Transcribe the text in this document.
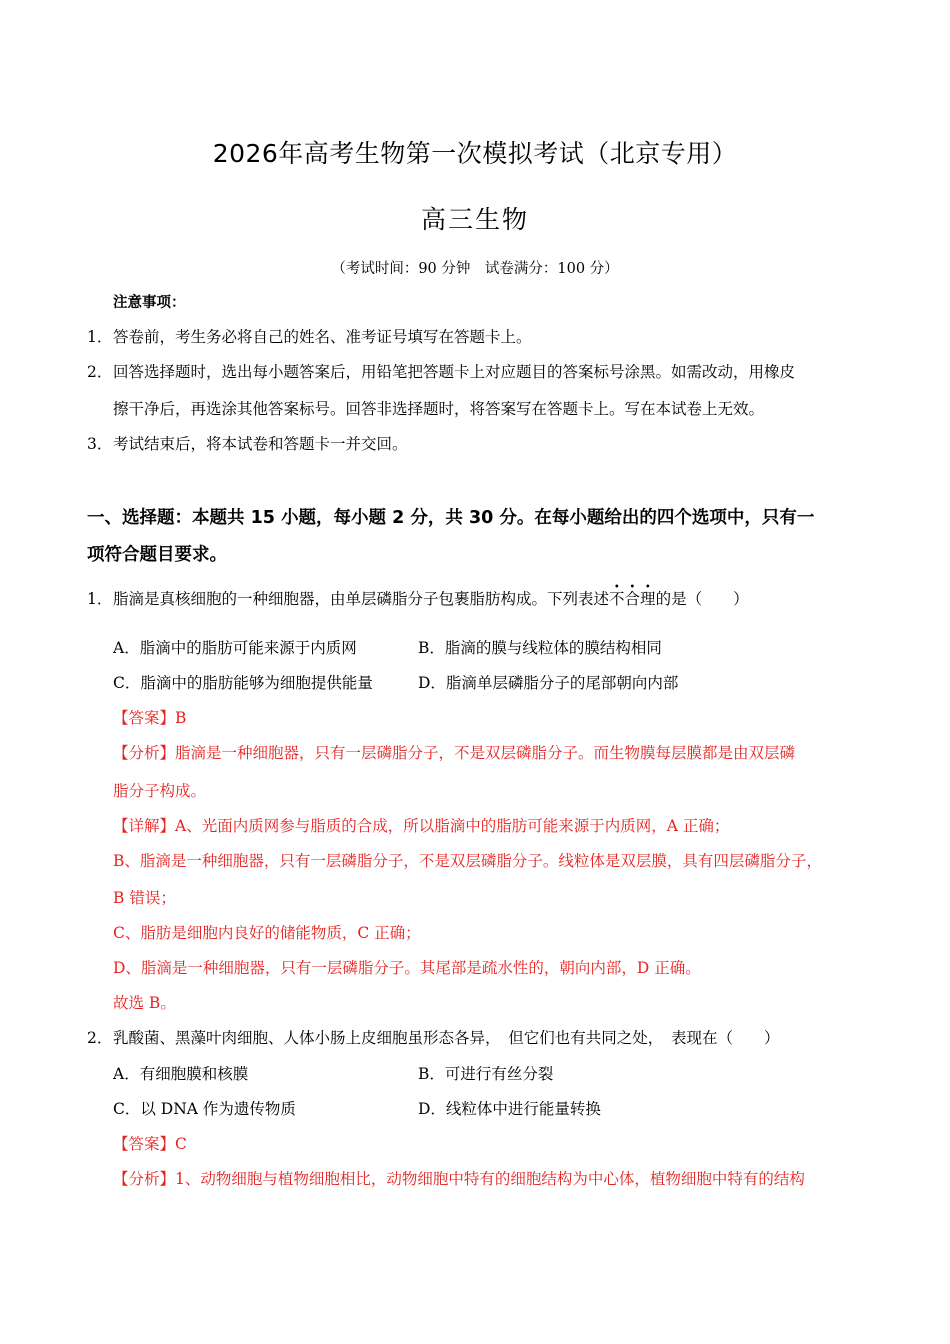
2026年高考生物第一次模拟考试（北京专用）
高三生物
（考试时间：90 分钟　试卷满分：100 分）
注意事项：
1． 答卷前，考生务必将自己的姓名、准考证号填写在答题卡上。
2． 回答选择题时，选出每小题答案后，用铅笔把答题卡上对应题目的答案标号涂黑。如需改动，用橡皮
擦干净后，再选涂其他答案标号。回答非选择题时，将答案写在答题卡上。写在本试卷上无效。
3． 考试结束后，将本试卷和答题卡一并交回。
一、选择题：本题共 15 小题，每小题 2 分，共 30 分。在每小题给出的四个选项中，只有一
项符合题目要求。
1． 脂滴是真核细胞的一种细胞器，由单层磷脂分子包裹脂肪构成。下列表述
•
不
•
合
•
理的是（　　）
A．脂滴中的脂肪可能来源于内质网	B．脂滴的膜与线粒体的膜结构相同
C．脂滴中的脂肪能够为细胞提供能量	D．脂滴单层磷脂分子的尾部朝向内部
【答案】B
【分析】脂滴是一种细胞器，只有一层磷脂分子，不是双层磷脂分子。而生物膜每层膜都是由双层磷
脂分子构成。
【详解】A、光面内质网参与脂质的合成，所以脂滴中的脂肪可能来源于内质网，A 正确；
B、脂滴是一种细胞器，只有一层磷脂分子，不是双层磷脂分子。线粒体是双层膜，具有四层磷脂分子，
B 错误；
C、脂肪是细胞内良好的储能物质，C 正确；
D、脂滴是一种细胞器，只有一层磷脂分子。其尾部是疏水性的，朝向内部，D 正确。
故选 B。
2． 乳酸菌、黑藻叶肉细胞、人体小肠上皮细胞虽形态各异，　但它们也有共同之处，　表现在（　　）
A．有细胞膜和核膜	B．可进行有丝分裂
C．以 DNA 作为遗传物质	D．线粒体中进行能量转换
【答案】C
【分析】1、动物细胞与植物细胞相比，动物细胞中特有的细胞结构为中心体，植物细胞中特有的结构
